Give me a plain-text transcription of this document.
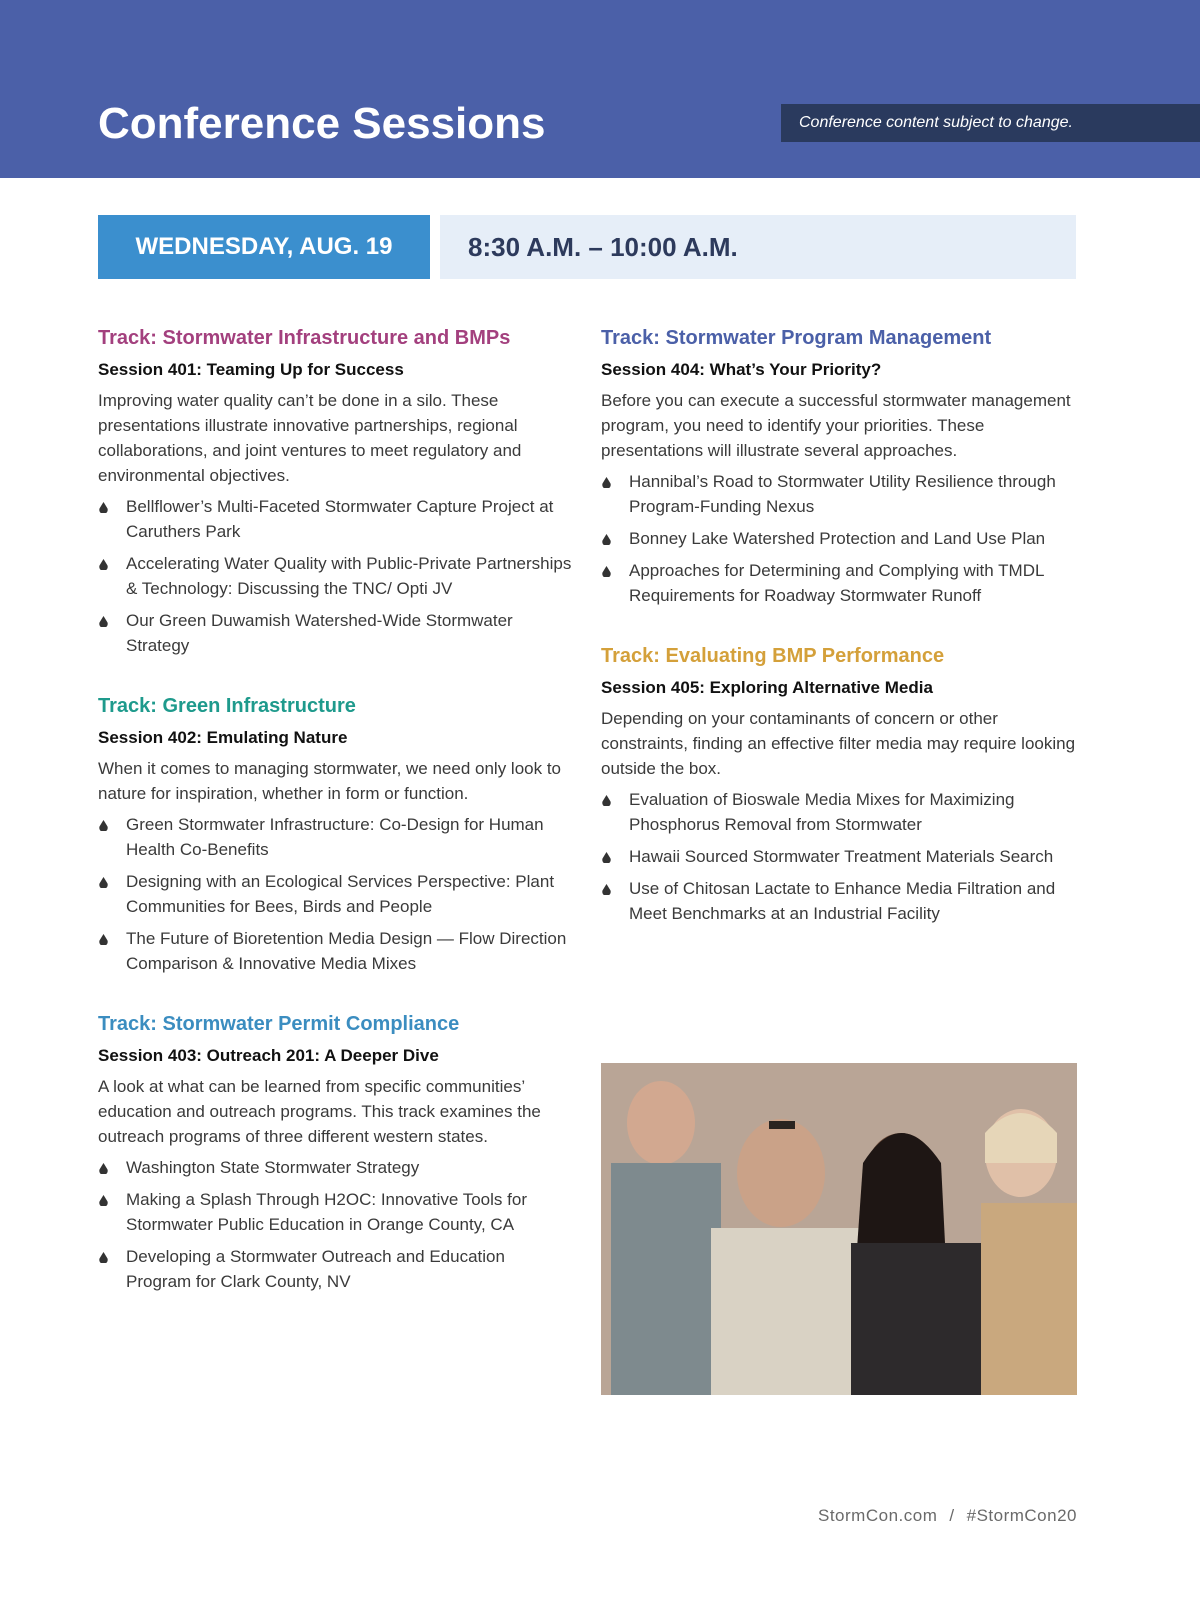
Conference Sessions	Conference content subject to change.
WEDNESDAY, AUG. 19	8:30 A.M. – 10:00 A.M.
Track: Stormwater Infrastructure and BMPs
Session 401: Teaming Up for Success

Improving water quality can’t be done in a silo. These presentations illustrate innovative partnerships, regional collaborations, and joint ventures to meet regulatory and environmental objectives.

Bellflower’s Multi-Faceted Stormwater Capture Project at Caruthers Park
Accelerating Water Quality with Public-Private Partnerships & Technology: Discussing the TNC/ Opti JV
Our Green Duwamish Watershed-Wide Stormwater Strategy
Track: Green Infrastructure
Session 402: Emulating Nature

When it comes to managing stormwater, we need only look to nature for inspiration, whether in form or function.

Green Stormwater Infrastructure: Co-Design for Human Health Co-Benefits
Designing with an Ecological Services Perspective: Plant Communities for Bees, Birds and People
The Future of Bioretention Media Design — Flow Direction Comparison & Innovative Media Mixes
Track: Stormwater Permit Compliance
Session 403: Outreach 201: A Deeper Dive

A look at what can be learned from specific communities’ education and outreach programs. This track examines the outreach programs of three different western states.

Washington State Stormwater Strategy
Making a Splash Through H2OC: Innovative Tools for Stormwater Public Education in Orange County, CA
Developing a Stormwater Outreach and Education Program for Clark County, NV
Track: Stormwater Program Management
Session 404: What’s Your Priority?

Before you can execute a successful stormwater management program, you need to identify your priorities. These presentations will illustrate several approaches.

Hannibal’s Road to Stormwater Utility Resilience through Program-Funding Nexus
Bonney Lake Watershed Protection and Land Use Plan
Approaches for Determining and Complying with TMDL Requirements for Roadway Stormwater Runoff
Track: Evaluating BMP Performance
Session 405: Exploring Alternative Media

Depending on your contaminants of concern or other constraints, finding an effective filter media may require looking outside the box.

Evaluation of Bioswale Media Mixes for Maximizing Phosphorus Removal from Stormwater
Hawaii Sourced Stormwater Treatment Materials Search
Use of Chitosan Lactate to Enhance Media Filtration and Meet Benchmarks at an Industrial Facility
StormCon.com / #StormCon20
